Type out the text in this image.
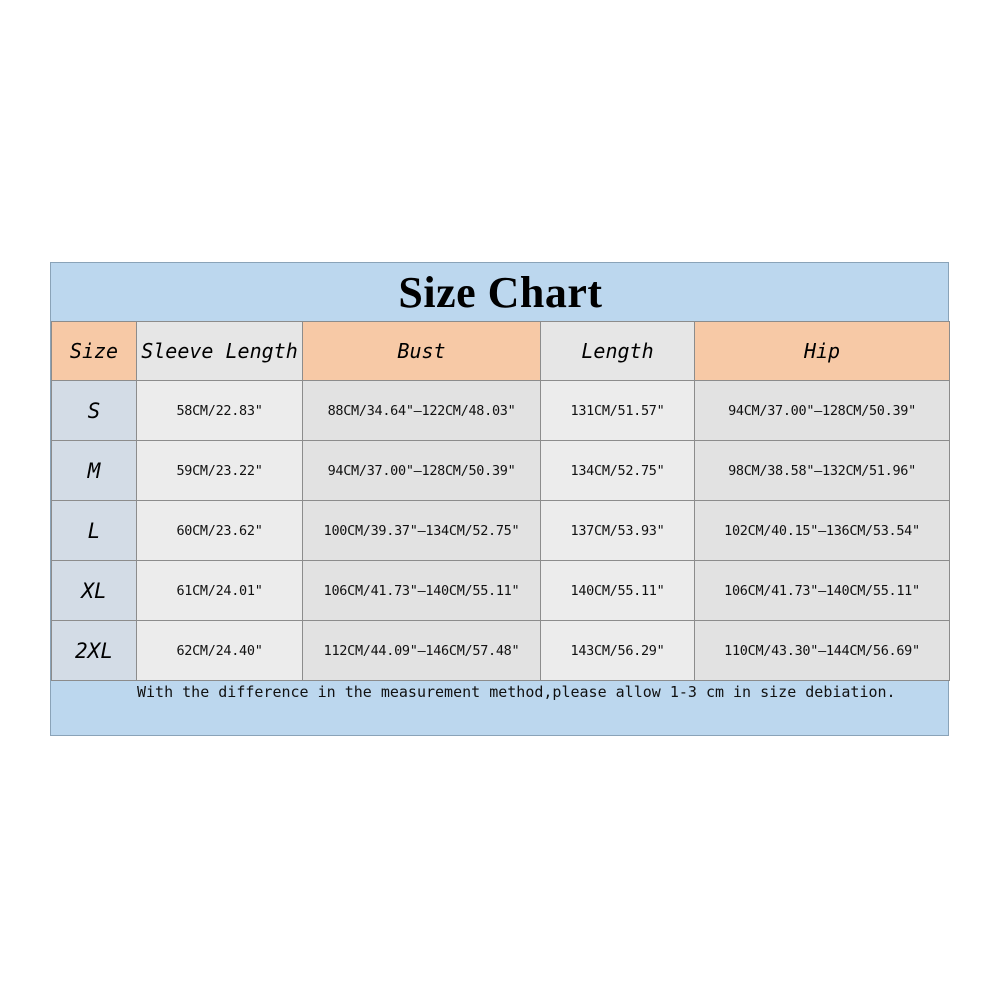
Size Chart
Size	Sleeve Length	Bust	Length	Hip
S	58CM/22.83"	88CM/34.64"—122CM/48.03"	131CM/51.57"	94CM/37.00"—128CM/50.39"
M	59CM/23.22"	94CM/37.00"—128CM/50.39"	134CM/52.75"	98CM/38.58"—132CM/51.96"
L	60CM/23.62"	100CM/39.37"—134CM/52.75"	137CM/53.93"	102CM/40.15"—136CM/53.54"
XL	61CM/24.01"	106CM/41.73"—140CM/55.11"	140CM/55.11"	106CM/41.73"—140CM/55.11"
2XL	62CM/24.40"	112CM/44.09"—146CM/57.48"	143CM/56.29"	110CM/43.30"—144CM/56.69"
With the difference in the measurement method,please allow 1-3 cm in size debiation.
